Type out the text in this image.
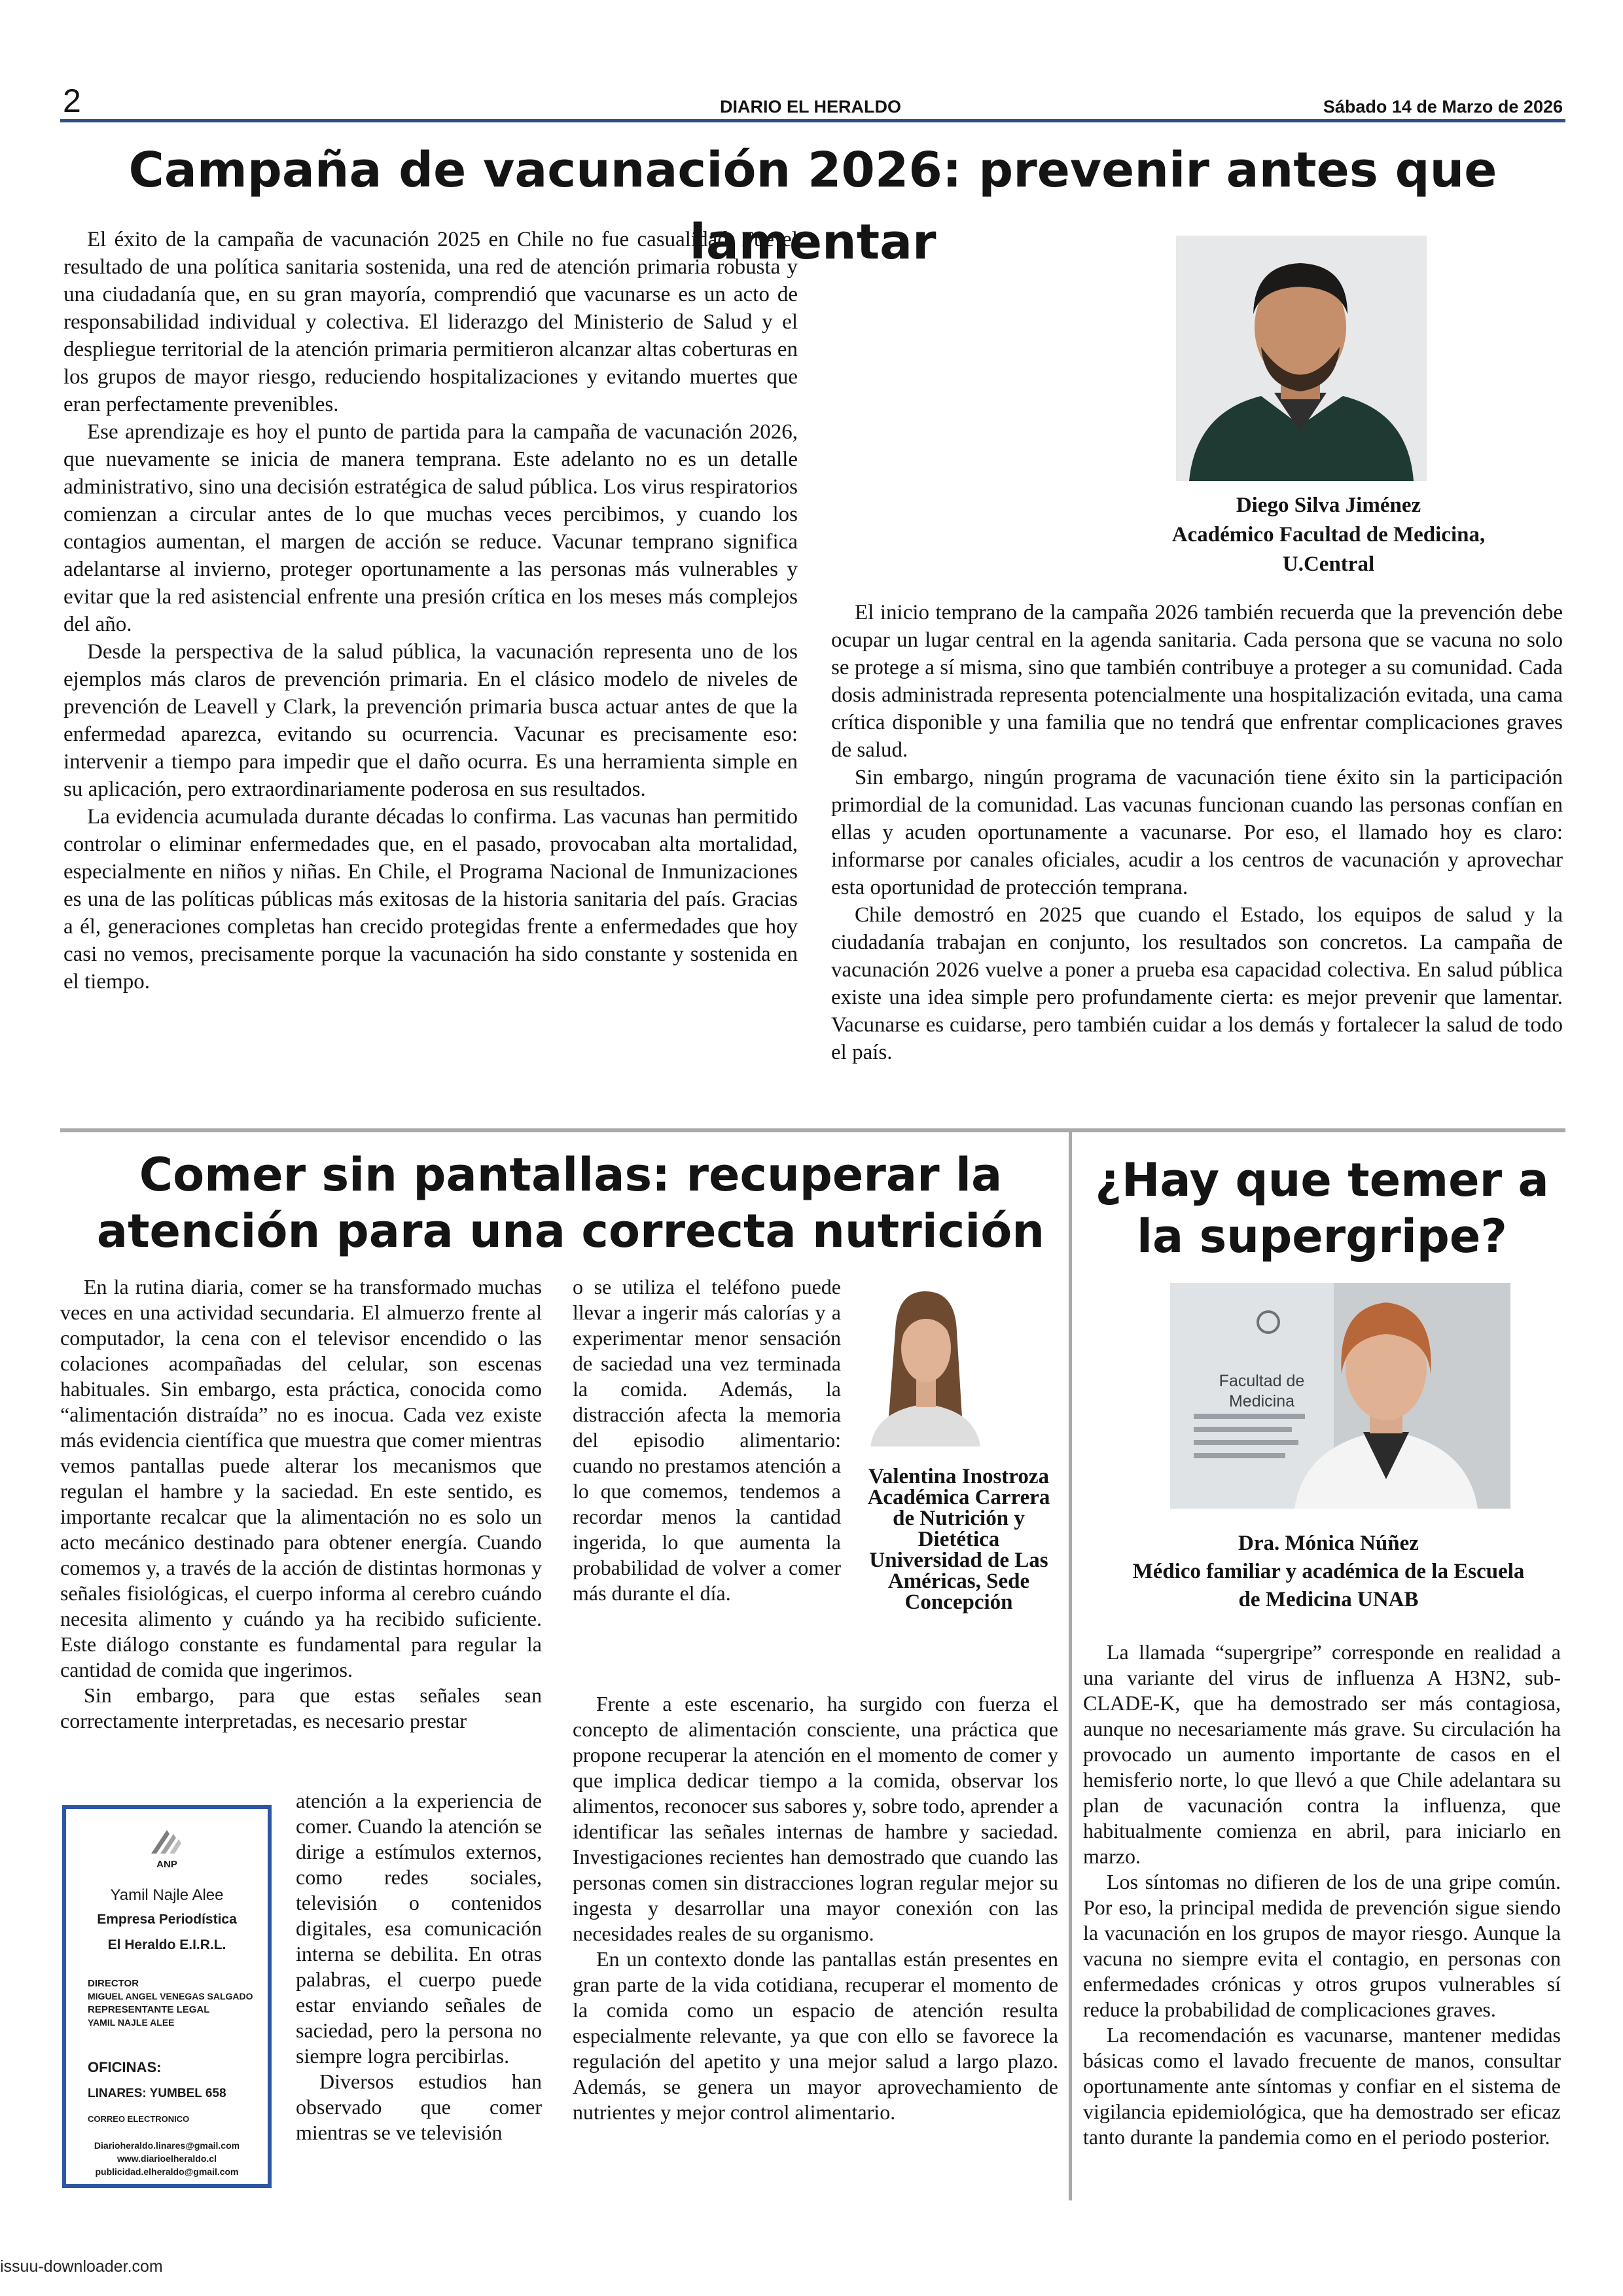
2	DIARIO EL HERALDO	Sábado 14 de Marzo de 2026
Campaña de vacunación 2026: prevenir antes que lamentar

El éxito de la campaña de vacunación 2025 en Chile no fue casualidad. Fue el resultado de una política sanitaria sostenida, una red de atención primaria robusta y una ciudadanía que, en su gran mayoría, comprendió que vacunarse es un acto de responsabilidad individual y colectiva. El liderazgo del Ministerio de Salud y el despliegue territorial de la atención primaria permitieron alcanzar altas coberturas en los grupos de mayor riesgo, reduciendo hospitalizaciones y evitando muertes que eran perfectamente prevenibles.

Ese aprendizaje es hoy el punto de partida para la campaña de vacunación 2026, que nuevamente se inicia de manera temprana. Este adelanto no es un detalle administrativo, sino una decisión estratégica de salud pública. Los virus respiratorios comienzan a circular antes de lo que muchas veces percibimos, y cuando los contagios aumentan, el margen de acción se reduce. Vacunar temprano significa adelantarse al invierno, proteger oportunamente a las personas más vulnerables y evitar que la red asistencial enfrente una presión crítica en los meses más complejos del año.

Desde la perspectiva de la salud pública, la vacunación representa uno de los ejemplos más claros de prevención primaria. En el clásico modelo de niveles de prevención de Leavell y Clark, la prevención primaria busca actuar antes de que la enfermedad aparezca, evitando su ocurrencia. Vacunar es precisamente eso: intervenir a tiempo para impedir que el daño ocurra. Es una herramienta simple en su aplicación, pero extraordinariamente poderosa en sus resultados.

La evidencia acumulada durante décadas lo confirma. Las vacunas han permitido controlar o eliminar enfermedades que, en el pasado, provocaban alta mortalidad, especialmente en niños y niñas. En Chile, el Programa Nacional de Inmunizaciones es una de las políticas públicas más exitosas de la historia sanitaria del país. Gracias a él, generaciones completas han crecido protegidas frente a enfermedades que hoy casi no vemos, precisamente porque la vacunación ha sido constante y sostenida en el tiempo.

Diego Silva Jiménez
Académico Facultad de Medicina,
U.Central

El inicio temprano de la campaña 2026 también recuerda que la prevención debe ocupar un lugar central en la agenda sanitaria. Cada persona que se vacuna no solo se protege a sí misma, sino que también contribuye a proteger a su comunidad. Cada dosis administrada representa potencialmente una hospitalización evitada, una cama crítica disponible y una familia que no tendrá que enfrentar complicaciones graves de salud.

Sin embargo, ningún programa de vacunación tiene éxito sin la participación primordial de la comunidad. Las vacunas funcionan cuando las personas confían en ellas y acuden oportunamente a vacunarse. Por eso, el llamado hoy es claro: informarse por canales oficiales, acudir a los centros de vacunación y aprovechar esta oportunidad de protección temprana.

Chile demostró en 2025 que cuando el Estado, los equipos de salud y la ciudadanía trabajan en conjunto, los resultados son concretos. La campaña de vacunación 2026 vuelve a poner a prueba esa capacidad colectiva. En salud pública existe una idea simple pero profundamente cierta: es mejor prevenir que lamentar. Vacunarse es cuidarse, pero también cuidar a los demás y fortalecer la salud de todo el país.

Comer sin pantallas: recuperar la
atención para una correcta nutrición

En la rutina diaria, comer se ha transformado muchas veces en una actividad secundaria. El almuerzo frente al computador, la cena con el televisor encendido o las colaciones acompañadas del celular, son escenas habituales. Sin embargo, esta práctica, conocida como “alimentación distraída” no es inocua. Cada vez existe más evidencia científica que muestra que comer mientras vemos pantallas puede alterar los mecanismos que regulan el hambre y la saciedad. En este sentido, es importante recalcar que la alimentación no es solo un acto mecánico destinado para obtener energía. Cuando comemos y, a través de la acción de distintas hormonas y señales fisiológicas, el cuerpo informa al cerebro cuándo necesita alimento y cuándo ya ha recibido suficiente. Este diálogo constante es fundamental para regular la cantidad de comida que ingerimos.

Sin embargo, para que estas señales sean correctamente interpretadas, es necesario prestar

ANP
Yamil Najle Alee
Empresa Periodística
El Heraldo E.I.R.L.
DIRECTOR
MIGUEL ANGEL VENEGAS SALGADO
REPRESENTANTE LEGAL
YAMIL NAJLE ALEE
OFICINAS:
LINARES: YUMBEL 658
CORREO ELECTRONICO
Diarioheraldo.linares@gmail.com
www.diarioelheraldo.cl
publicidad.elheraldo@gmail.com

atención a la experiencia de comer. Cuando la atención se dirige a estímulos externos, como redes sociales, televisión o contenidos digitales, esa comunicación interna se debilita. En otras palabras, el cuerpo puede estar enviando señales de saciedad, pero la persona no siempre logra percibirlas.

Diversos estudios han observado que comer mientras se ve televisión

o se utiliza el teléfono puede llevar a ingerir más calorías y a experimentar menor sensación de saciedad una vez terminada la comida. Además, la distracción afecta la memoria del episodio alimentario: cuando no prestamos atención a lo que comemos, tendemos a recordar menos la cantidad ingerida, lo que aumenta la probabilidad de volver a comer más durante el día.

Valentina Inostroza
Académica Carrera
de Nutrición y
Dietética
Universidad de Las
Américas, Sede
Concepción

Frente a este escenario, ha surgido con fuerza el concepto de alimentación consciente, una práctica que propone recuperar la atención en el momento de comer y que implica dedicar tiempo a la comida, observar los alimentos, reconocer sus sabores y, sobre todo, aprender a identificar las señales internas de hambre y saciedad. Investigaciones recientes han demostrado que cuando las personas comen sin distracciones logran regular mejor su ingesta y desarrollar una mayor conexión con las necesidades reales de su organismo.

En un contexto donde las pantallas están presentes en gran parte de la vida cotidiana, recuperar el momento de la comida como un espacio de atención resulta especialmente relevante, ya que con ello se favorece la regulación del apetito y una mejor salud a largo plazo. Además, se genera un mayor aprovechamiento de nutrientes y mejor control alimentario.

¿Hay que temer a
la supergripe?
Facultad de
Medicina
Dra. Mónica Núñez
Médico familiar y académica de la Escuela
de Medicina UNAB

La llamada “supergripe” corresponde en realidad a una variante del virus de influenza A H3N2, sub-CLADE-K, que ha demostrado ser más contagiosa, aunque no necesariamente más grave. Su circulación ha provocado un aumento importante de casos en el hemisferio norte, lo que llevó a que Chile adelantara su plan de vacunación contra la influenza, que habitualmente comienza en abril, para iniciarlo en marzo.

Los síntomas no difieren de los de una gripe común. Por eso, la principal medida de prevención sigue siendo la vacunación en los grupos de mayor riesgo. Aunque la vacuna no siempre evita el contagio, en personas con enfermedades crónicas y otros grupos vulnerables sí reduce la probabilidad de complicaciones graves.

La recomendación es vacunarse, mantener medidas básicas como el lavado frecuente de manos, consultar oportunamente ante síntomas y confiar en el sistema de vigilancia epidemiológica, que ha demostrado ser eficaz tanto durante la pandemia como en el periodo posterior.

issuu-downloader.com
